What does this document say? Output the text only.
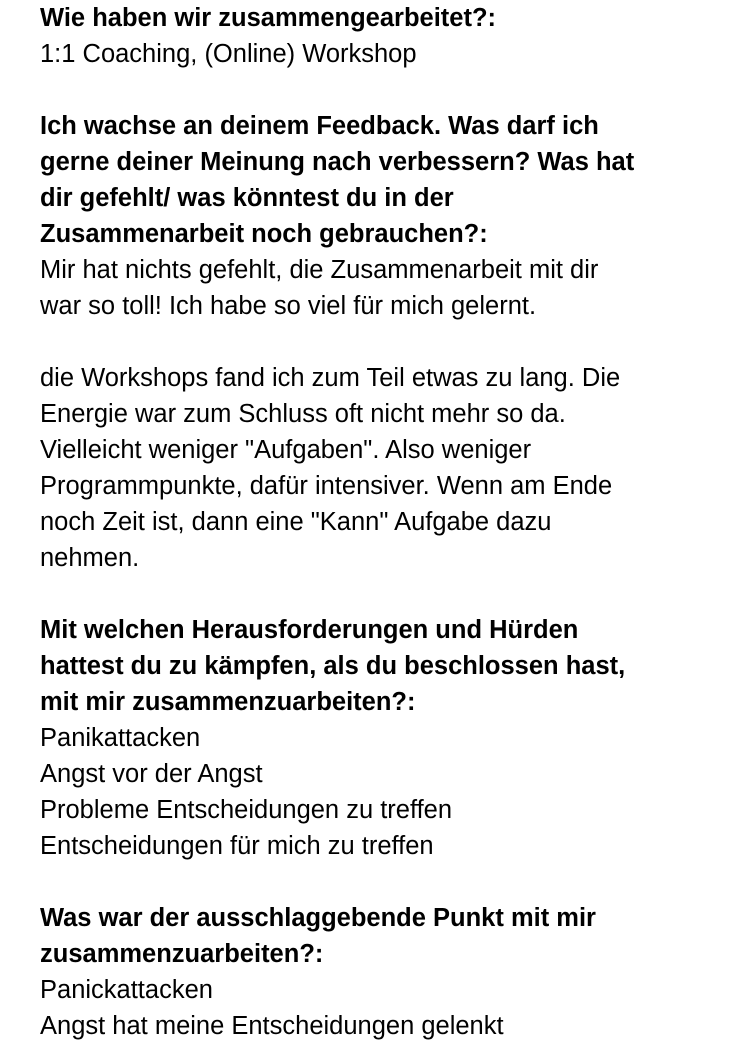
Wie haben wir zusammengearbeitet?:

1:1 Coaching, (Online) Workshop

Ich wachse an deinem Feedback. Was darf ich

gerne deiner Meinung nach verbessern? Was hat

dir gefehlt/ was könntest du in der

Zusammenarbeit noch gebrauchen?:

Mir hat nichts gefehlt, die Zusammenarbeit mit dir

war so toll! Ich habe so viel für mich gelernt.

die Workshops fand ich zum Teil etwas zu lang. Die

Energie war zum Schluss oft nicht mehr so da.

Vielleicht weniger "Aufgaben". Also weniger

Programmpunkte, dafür intensiver. Wenn am Ende

noch Zeit ist, dann eine "Kann" Aufgabe dazu

nehmen.

Mit welchen Herausforderungen und Hürden

hattest du zu kämpfen, als du beschlossen hast,

mit mir zusammenzuarbeiten?:

Panikattacken

Angst vor der Angst

Probleme Entscheidungen zu treffen

Entscheidungen für mich zu treffen

Was war der ausschlaggebende Punkt mit mir

zusammenzuarbeiten?:

Panickattacken

Angst hat meine Entscheidungen gelenkt
